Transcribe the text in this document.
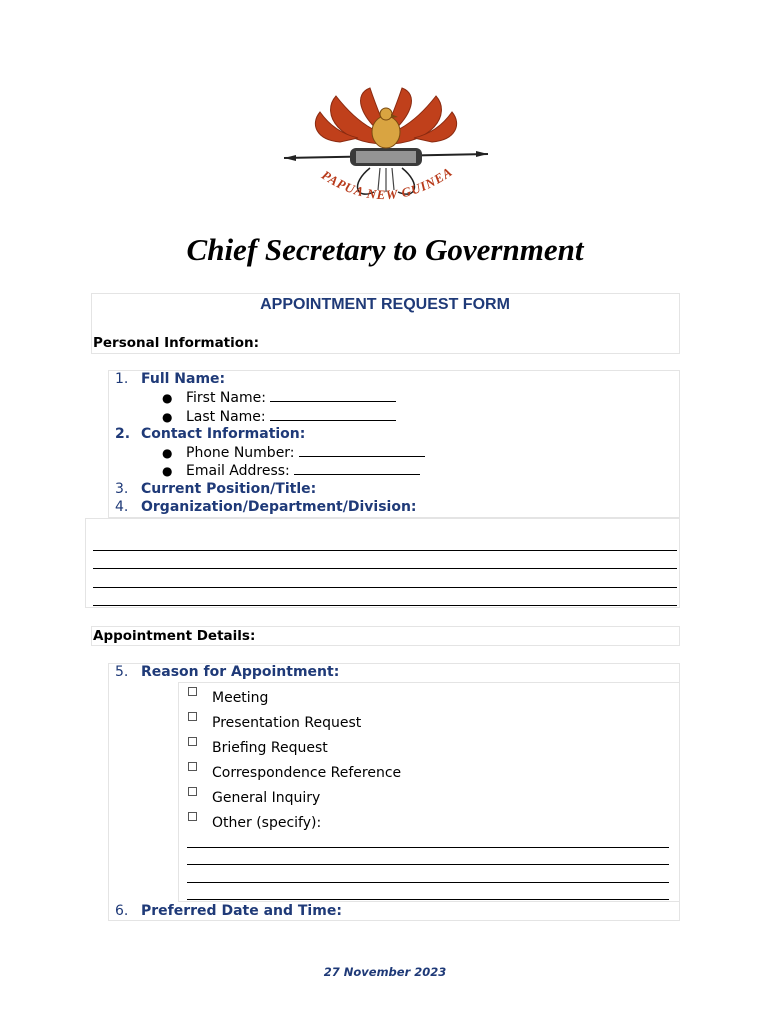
PAPUA NEW GUINEA
Chief Secretary to Government
APPOINTMENT REQUEST FORM
Personal Information:
1. Full Name:
● First Name:
● Last Name:
2. Contact Information:
● Phone Number:
● Email Address:
3. Current Position/Title:
4. Organization/Department/Division:
Appointment Details:
5. Reason for Appointment:
Meeting
Presentation Request
Briefing Request
Correspondence Reference
General Inquiry
Other (specify):
6. Preferred Date and Time:
27 November 2023
